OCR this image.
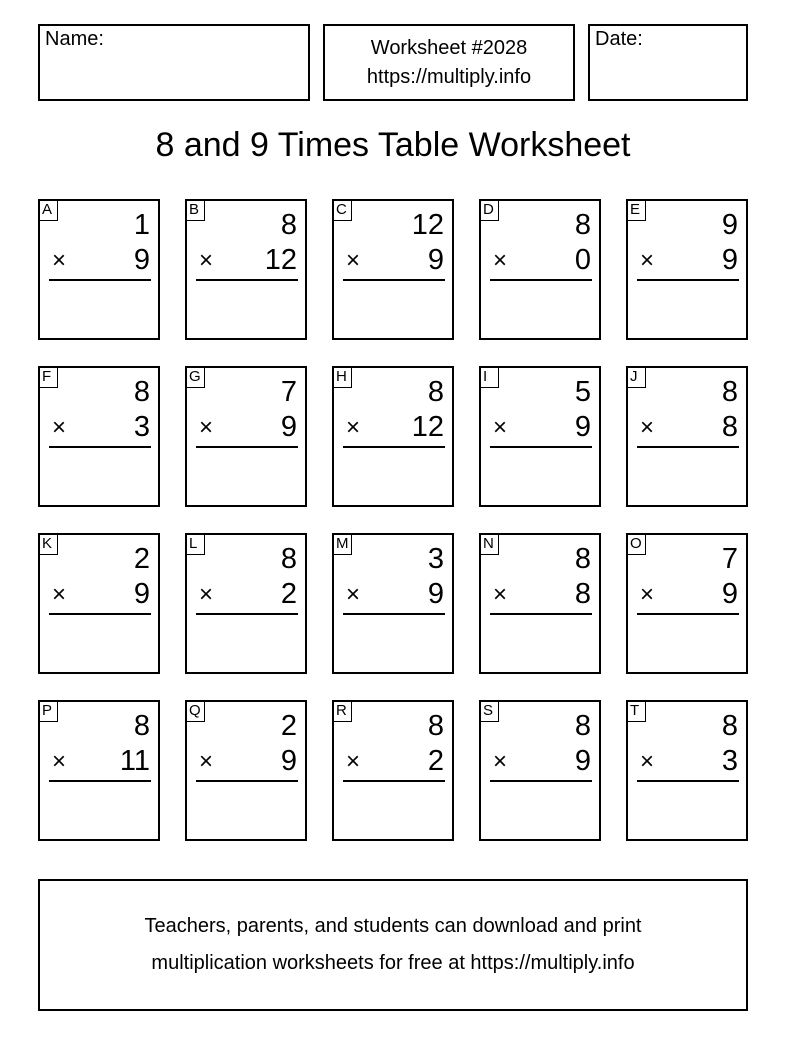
Name:	Worksheet #2028
https://multiply.info
Date:
8 and 9 Times Table Worksheet
A	1
× 9
B	8
× 12
C 12
× 9
D	8
× 0
E	9
× 9
F	8
× 3
G	7
× 9
H	8
× 12
I	5
× 9
J	8
× 8
K	2
× 9
L	8
× 2
M	3
× 9
N	8
× 8
O	7
× 9
P	8
× 11
Q	2
× 9
R	8
× 2
S	8
× 9
T	8
× 3
Teachers, parents, and students can download and print
multiplication worksheets for free at https://multiply.info
